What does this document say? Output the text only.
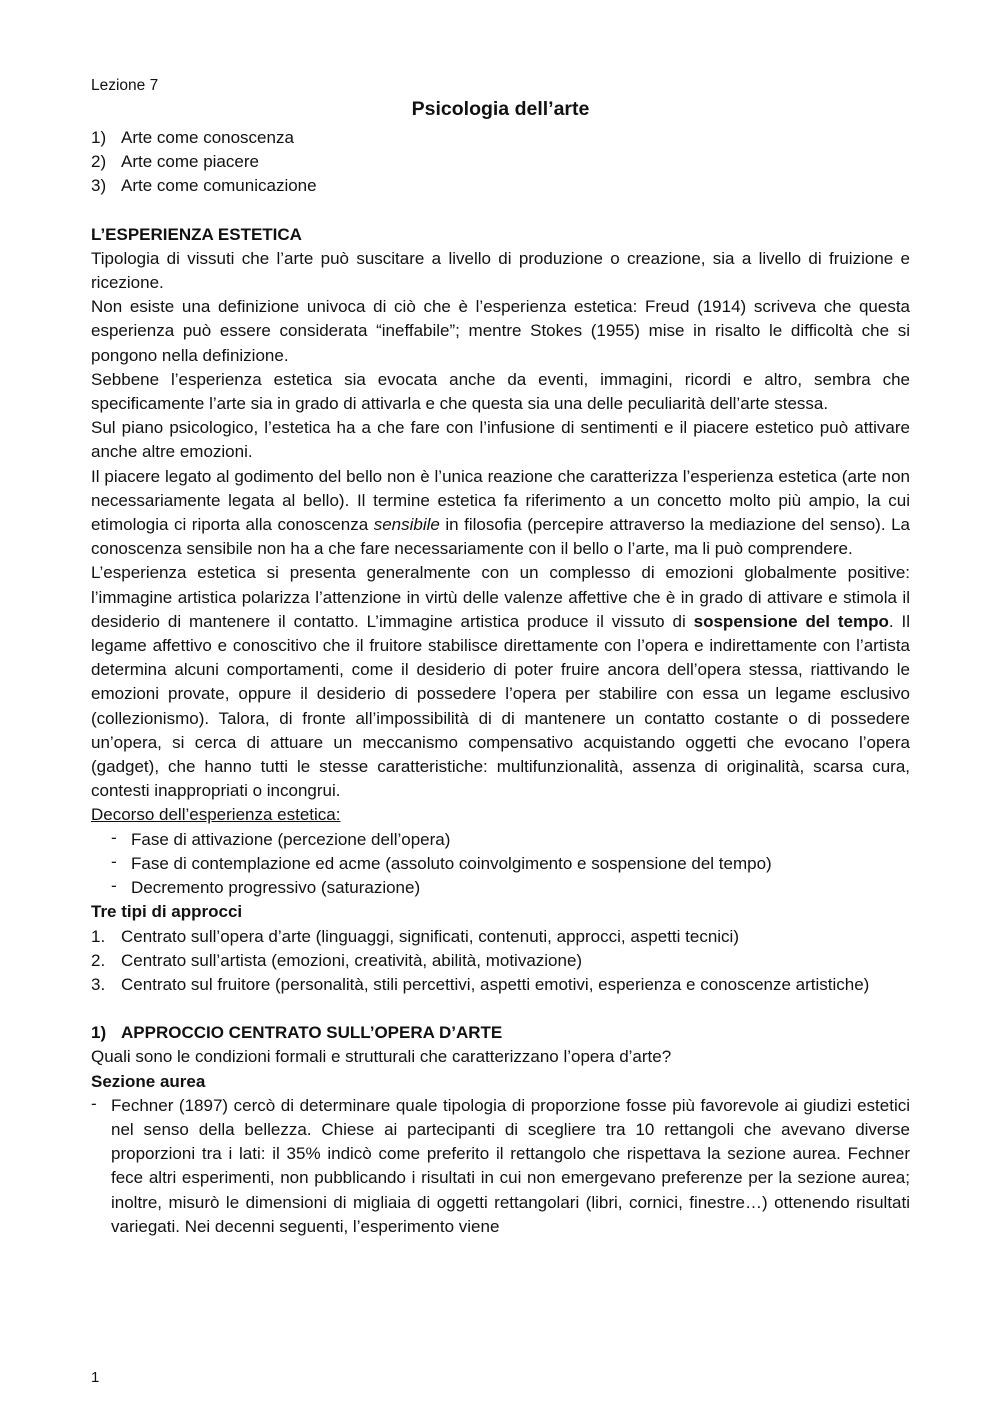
Lezione 7
Psicologia dell’arte
1) Arte come conoscenza
2) Arte come piacere
3) Arte come comunicazione
L’ESPERIENZA ESTETICA

Tipologia di vissuti che l’arte può suscitare a livello di produzione o creazione, sia a livello di fruizione e ricezione.

Non esiste una definizione univoca di ciò che è l’esperienza estetica: Freud (1914) scriveva che questa esperienza può essere considerata “ineffabile”; mentre Stokes (1955) mise in risalto le difficoltà che si pongono nella definizione.

Sebbene l’esperienza estetica sia evocata anche da eventi, immagini, ricordi e altro, sembra che specificamente l’arte sia in grado di attivarla e che questa sia una delle peculiarità dell’arte stessa.

Sul piano psicologico, l’estetica ha a che fare con l’infusione di sentimenti e il piacere estetico può attivare anche altre emozioni.

Il piacere legato al godimento del bello non è l’unica reazione che caratterizza l’esperienza estetica (arte non necessariamente legata al bello). Il termine estetica fa riferimento a un concetto molto più ampio, la cui etimologia ci riporta alla conoscenza sensibile in filosofia (percepire attraverso la mediazione del senso). La conoscenza sensibile non ha a che fare necessariamente con il bello o l’arte, ma li può comprendere.

L’esperienza estetica si presenta generalmente con un complesso di emozioni globalmente positive: l’immagine artistica polarizza l’attenzione in virtù delle valenze affettive che è in grado di attivare e stimola il desiderio di mantenere il contatto. L’immagine artistica produce il vissuto di sospensione del tempo. Il legame affettivo e conoscitivo che il fruitore stabilisce direttamente con l’opera e indirettamente con l’artista determina alcuni comportamenti, come il desiderio di poter fruire ancora dell’opera stessa, riattivando le emozioni provate, oppure il desiderio di possedere l’opera per stabilire con essa un legame esclusivo (collezionismo). Talora, di fronte all’impossibilità di di mantenere un contatto costante o di possedere un’opera, si cerca di attuare un meccanismo compensativo acquistando oggetti che evocano l’opera (gadget), che hanno tutti le stesse caratteristiche: multifunzionalità, assenza di originalità, scarsa cura, contesti inappropriati o incongrui.

Decorso dell’esperienza estetica:
- Fase di attivazione (percezione dell’opera)
- Fase di contemplazione ed acme (assoluto coinvolgimento e sospensione del tempo)
- Decremento progressivo (saturazione)
Tre tipi di approcci
1. Centrato sull’opera d’arte (linguaggi, significati, contenuti, approcci, aspetti tecnici)
2. Centrato sull’artista (emozioni, creatività, abilità, motivazione)
3. Centrato sul fruitore (personalità, stili percettivi, aspetti emotivi, esperienza e conoscenze artistiche)
1) APPROCCIO CENTRATO SULL’OPERA D’ARTE

Quali sono le condizioni formali e strutturali che caratterizzano l’opera d’arte?

Sezione aurea
- Fechner (1897) cercò di determinare quale tipologia di proporzione fosse più favorevole ai giudizi estetici nel senso della bellezza. Chiese ai partecipanti di scegliere tra 10 rettangoli che avevano diverse proporzioni tra i lati: il 35% indicò come preferito il rettangolo che rispettava la sezione aurea. Fechner fece altri esperimenti, non pubblicando i risultati in cui non emergevano preferenze per la sezione aurea; inoltre, misurò le dimensioni di migliaia di oggetti rettangolari (libri, cornici, finestre…) ottenendo risultati variegati. Nei decenni seguenti, l’esperimento viene
1
